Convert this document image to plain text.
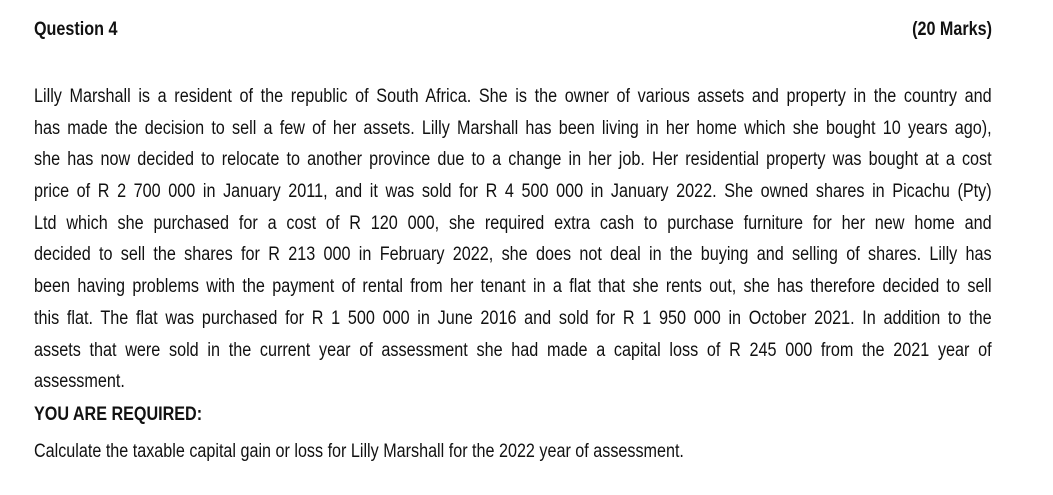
Question 4	(20 Marks)
Lilly Marshall is a resident of the republic of South Africa. She is the owner of various assets and property in the country and
has made the decision to sell a few of her assets. Lilly Marshall has been living in her home which she bought 10 years ago),
she has now decided to relocate to another province due to a change in her job. Her residential property was bought at a cost
price of R 2 700 000 in January 2011, and it was sold for R 4 500 000 in January 2022. She owned shares in Picachu (Pty)
Ltd which she purchased for a cost of R 120 000, she required extra cash to purchase furniture for her new home and
decided to sell the shares for R 213 000 in February 2022, she does not deal in the buying and selling of shares. Lilly has
been having problems with the payment of rental from her tenant in a flat that she rents out, she has therefore decided to sell
this flat. The flat was purchased for R 1 500 000 in June 2016 and sold for R 1 950 000 in October 2021. In addition to the
assets that were sold in the current year of assessment she had made a capital loss of R 245 000 from the 2021 year of
assessment.
YOU ARE REQUIRED:
Calculate the taxable capital gain or loss for Lilly Marshall for the 2022 year of assessment.
